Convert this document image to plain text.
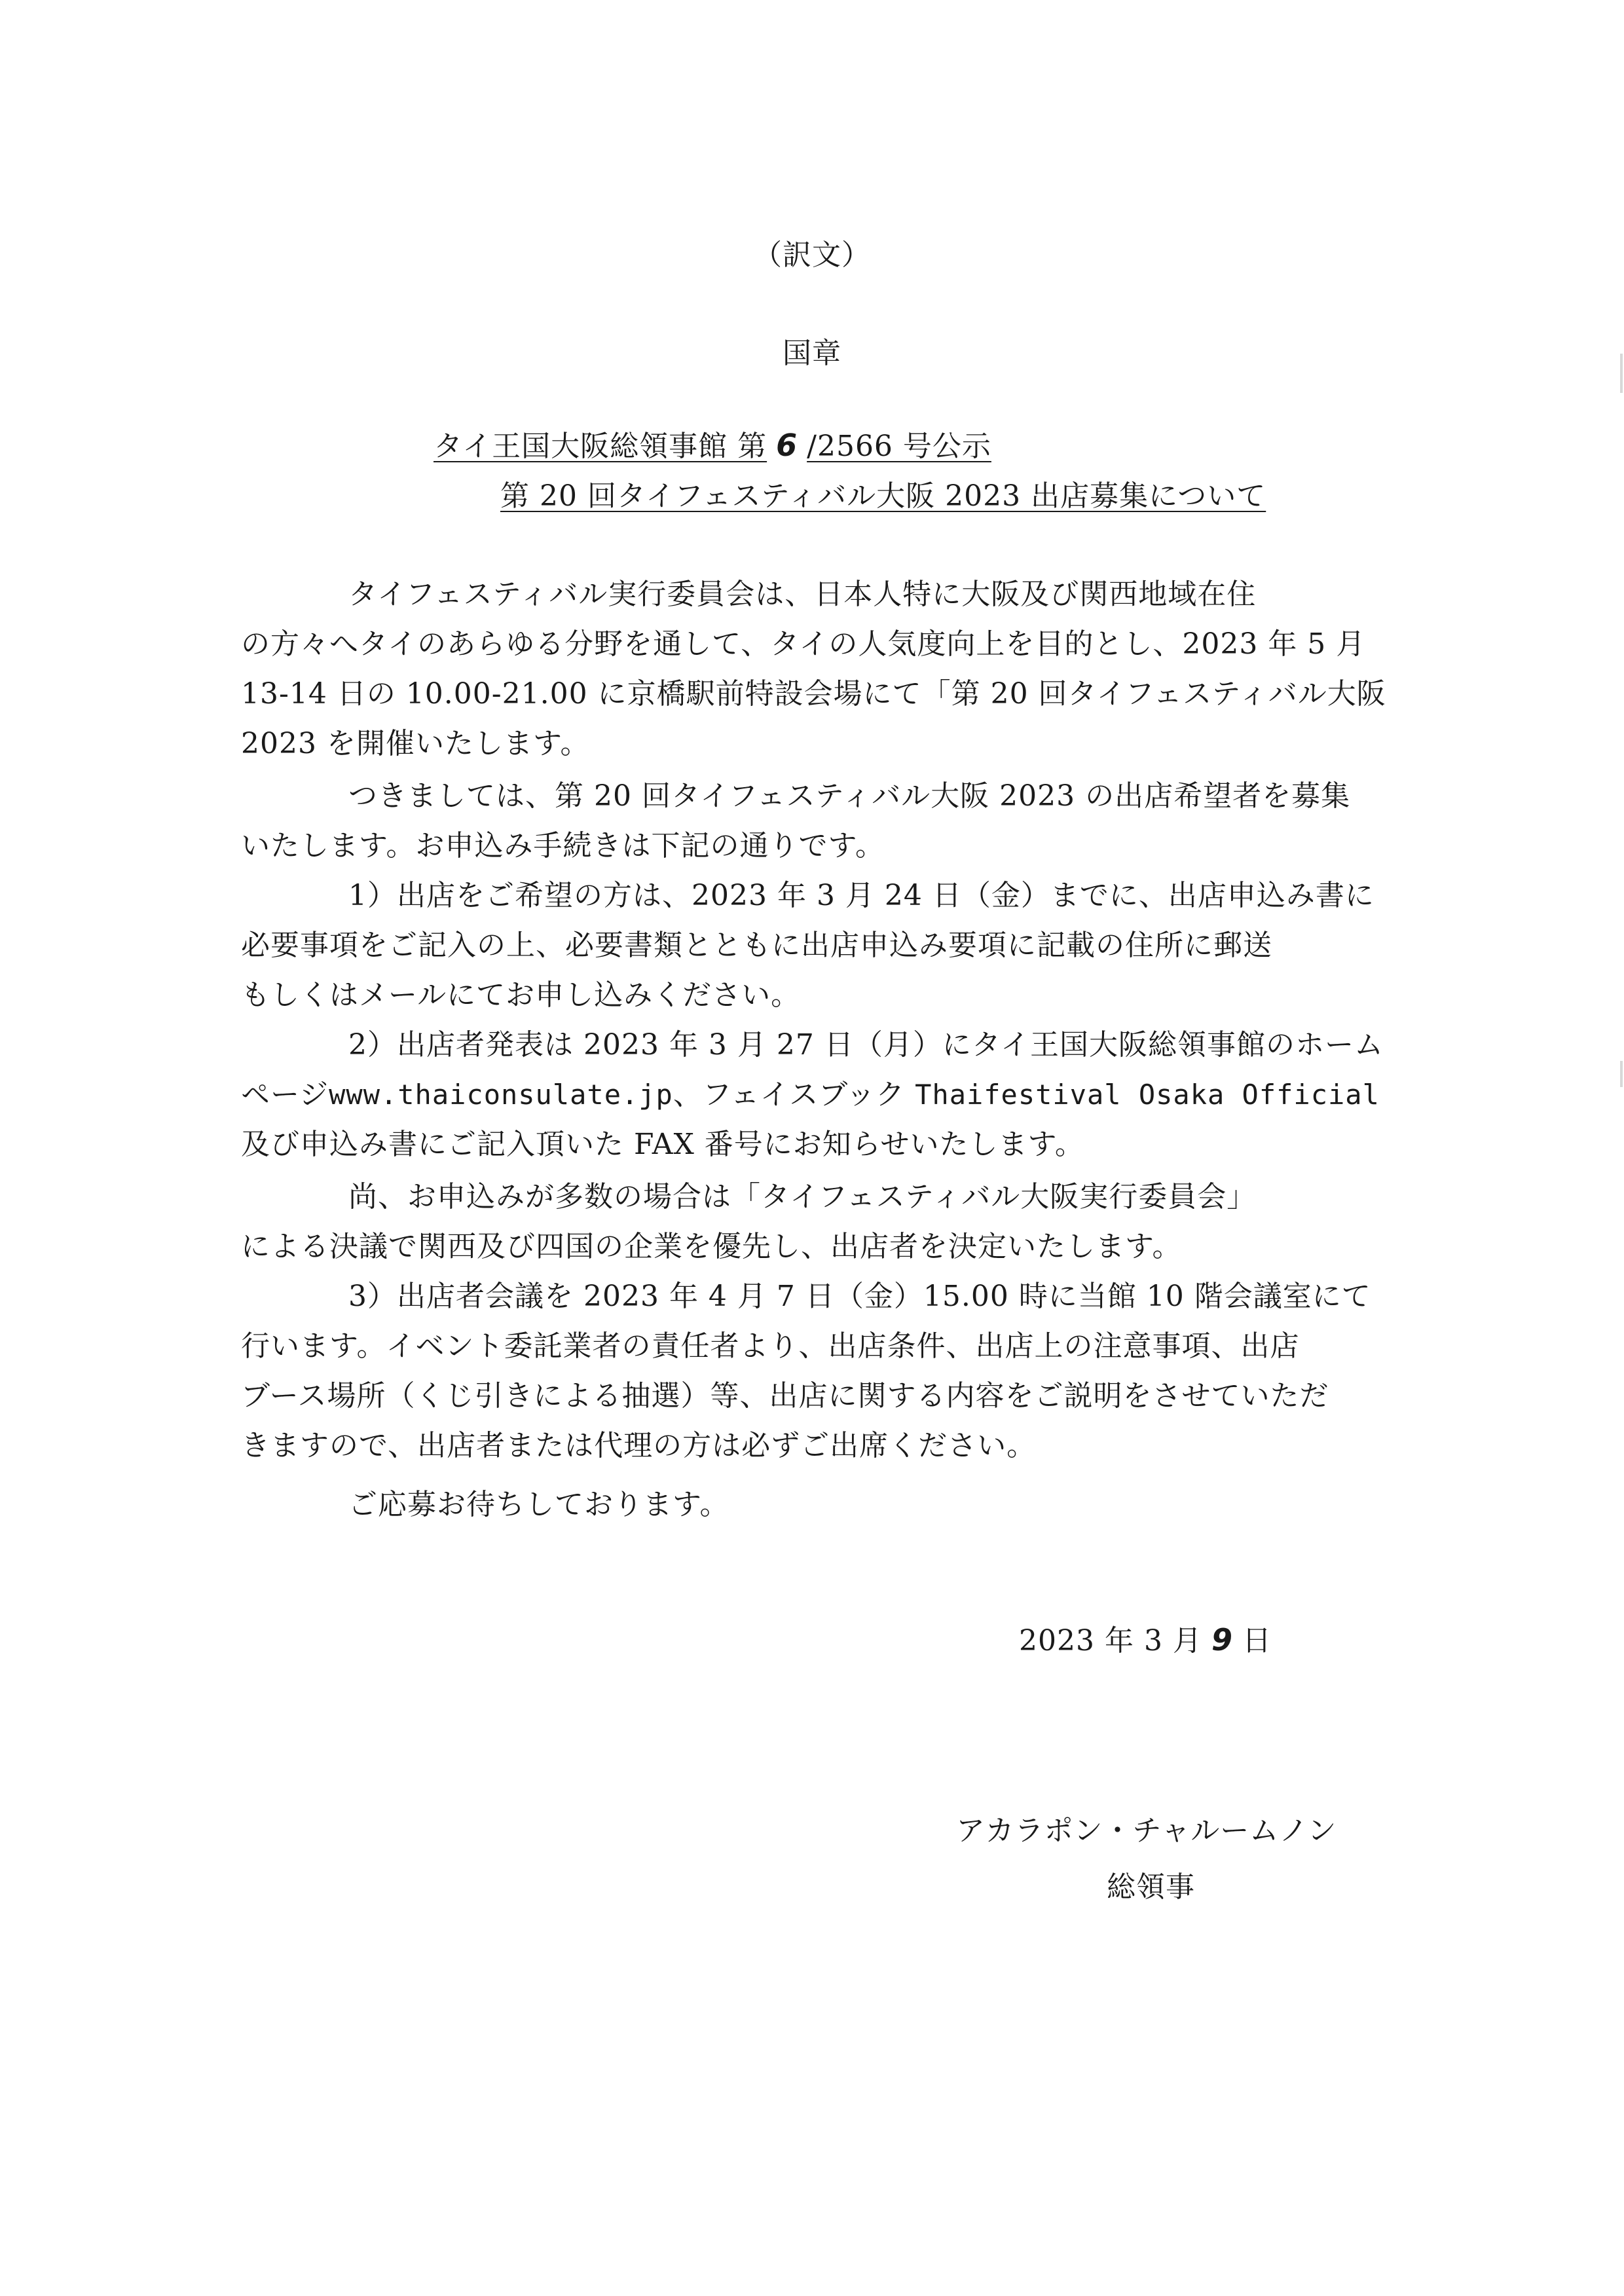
（訳文）
国章
タイ王国大阪総領事館 第 6 /2566 号公示
第 20 回タイフェスティバル大阪 2023 出店募集について
タイフェスティバル実行委員会は、日本人特に大阪及び関西地域在住
の方々へタイのあらゆる分野を通して、タイの人気度向上を目的とし、2023 年 5 月
13-14 日の 10.00-21.00 に京橋駅前特設会場にて「第 20 回タイフェスティバル大阪
2023 を開催いたします。
つきましては、第 20 回タイフェスティバル大阪 2023 の出店希望者を募集
いたします。お申込み手続きは下記の通りです。
1）出店をご希望の方は、2023 年 3 月 24 日（金）までに、出店申込み書に
必要事項をご記入の上、必要書類とともに出店申込み要項に記載の住所に郵送
もしくはメールにてお申し込みください。
2）出店者発表は 2023 年 3 月 27 日（月）にタイ王国大阪総領事館のホーム
ページwww.thaiconsulate.jp、フェイスブック Thaifestival Osaka Official
及び申込み書にご記入頂いた FAX 番号にお知らせいたします。
尚、お申込みが多数の場合は「タイフェスティバル大阪実行委員会」
による決議で関西及び四国の企業を優先し、出店者を決定いたします。
3）出店者会議を 2023 年 4 月 7 日（金）15.00 時に当館 10 階会議室にて
行います。イベント委託業者の責任者より、出店条件、出店上の注意事項、出店
ブース場所（くじ引きによる抽選）等、出店に関する内容をご説明をさせていただ
きますので、出店者または代理の方は必ずご出席ください。
ご応募お待ちしております。
2023 年 3 月 9 日
アカラポン・チャルームノン
総領事
